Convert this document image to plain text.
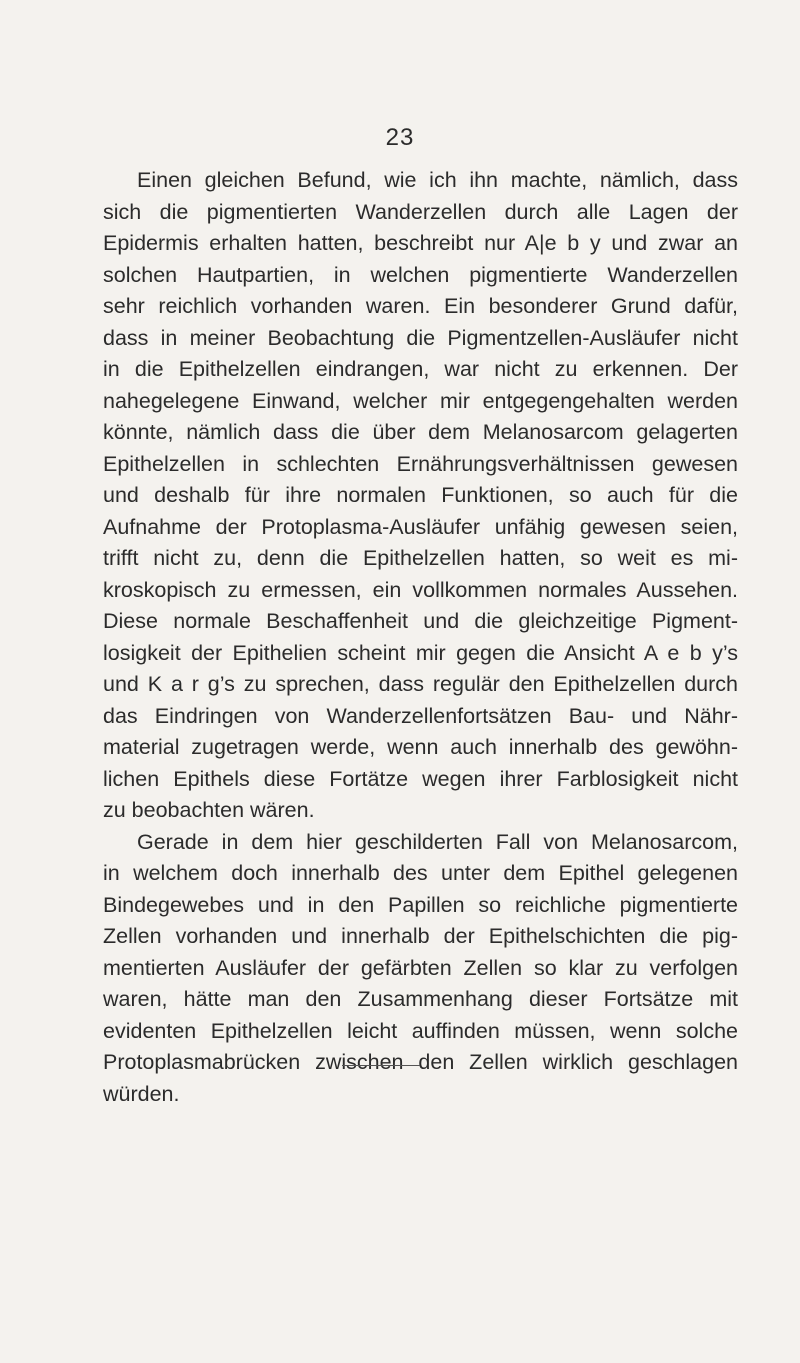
23
Einen gleichen Befund, wie ich ihn machte, nämlich, dass
sich die pigmentierten Wanderzellen durch alle Lagen der
Epidermis erhalten hatten, beschreibt nur A|e b y und zwar an
solchen Hautpartien, in welchen pigmentierte Wanderzellen
sehr reichlich vorhanden waren. Ein besonderer Grund dafür,
dass in meiner Beobachtung die Pigmentzellen-Ausläufer nicht
in die Epithelzellen eindrangen, war nicht zu erkennen. Der
nahegelegene Einwand, welcher mir entgegengehalten werden
könnte, nämlich dass die über dem Melanosarcom gelagerten
Epithelzellen in schlechten Ernährungsverhältnissen gewesen
und deshalb für ihre normalen Funktionen, so auch für die
Aufnahme der Protoplasma-Ausläufer unfähig gewesen seien,
trifft nicht zu, denn die Epithelzellen hatten, so weit es mi-
kroskopisch zu ermessen, ein vollkommen normales Aussehen.
Diese normale Beschaffenheit und die gleichzeitige Pigment-
losigkeit der Epithelien scheint mir gegen die Ansicht A e b y’s
und K a r g’s zu sprechen, dass regulär den Epithelzellen durch
das Eindringen von Wanderzellenfortsätzen Bau- und Nähr-
material zugetragen werde, wenn auch innerhalb des gewöhn-
lichen Epithels diese Fortätze wegen ihrer Farblosigkeit nicht
zu beobachten wären.
Gerade in dem hier geschilderten Fall von Melanosarcom,
in welchem doch innerhalb des unter dem Epithel gelegenen
Bindegewebes und in den Papillen so reichliche pigmentierte
Zellen vorhanden und innerhalb der Epithelschichten die pig-
mentierten Ausläufer der gefärbten Zellen so klar zu verfolgen
waren, hätte man den Zusammenhang dieser Fortsätze mit
evidenten Epithelzellen leicht auffinden müssen, wenn solche
Protoplasmabrücken zwischen den Zellen wirklich geschlagen
würden.
